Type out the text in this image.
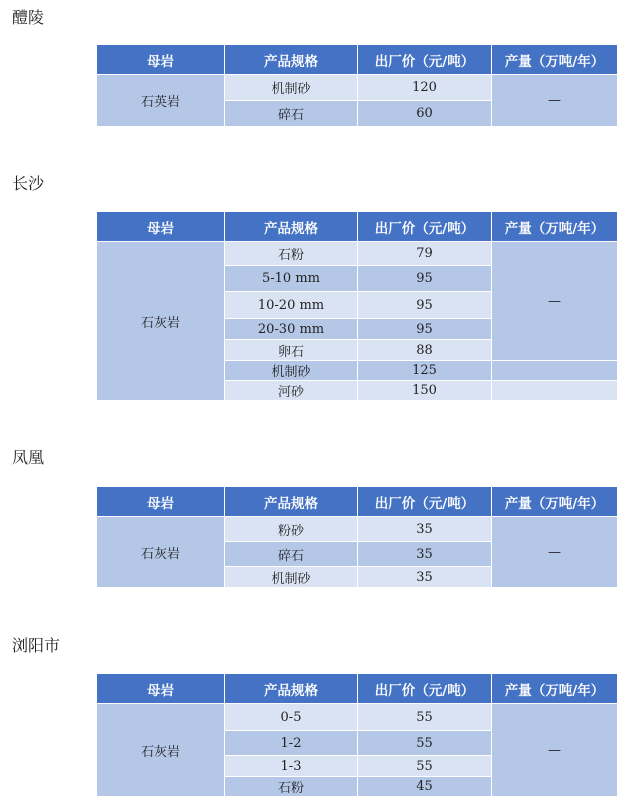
醴陵
母岩	产品规格	出厂价（元/吨）	产量（万吨/年）
石英岩	机制砂	120	—
	碎石	60	
长沙
母岩	产品规格	出厂价（元/吨）	产量（万吨/年）
石灰岩	石粉	79	—
	5-10 mm	95	
	10-20 mm	95	
	20-30 mm	95	
	卵石	88	
	机制砂	125	
	河砂	150	
凤凰
母岩	产品规格	出厂价（元/吨）	产量（万吨/年）
石灰岩	粉砂	35	—
	碎石	35	
	机制砂	35	
浏阳市
母岩	产品规格	出厂价（元/吨）	产量（万吨/年）
石灰岩	0-5	55	—
	1-2	55	
	1-3	55	
	石粉	45	
